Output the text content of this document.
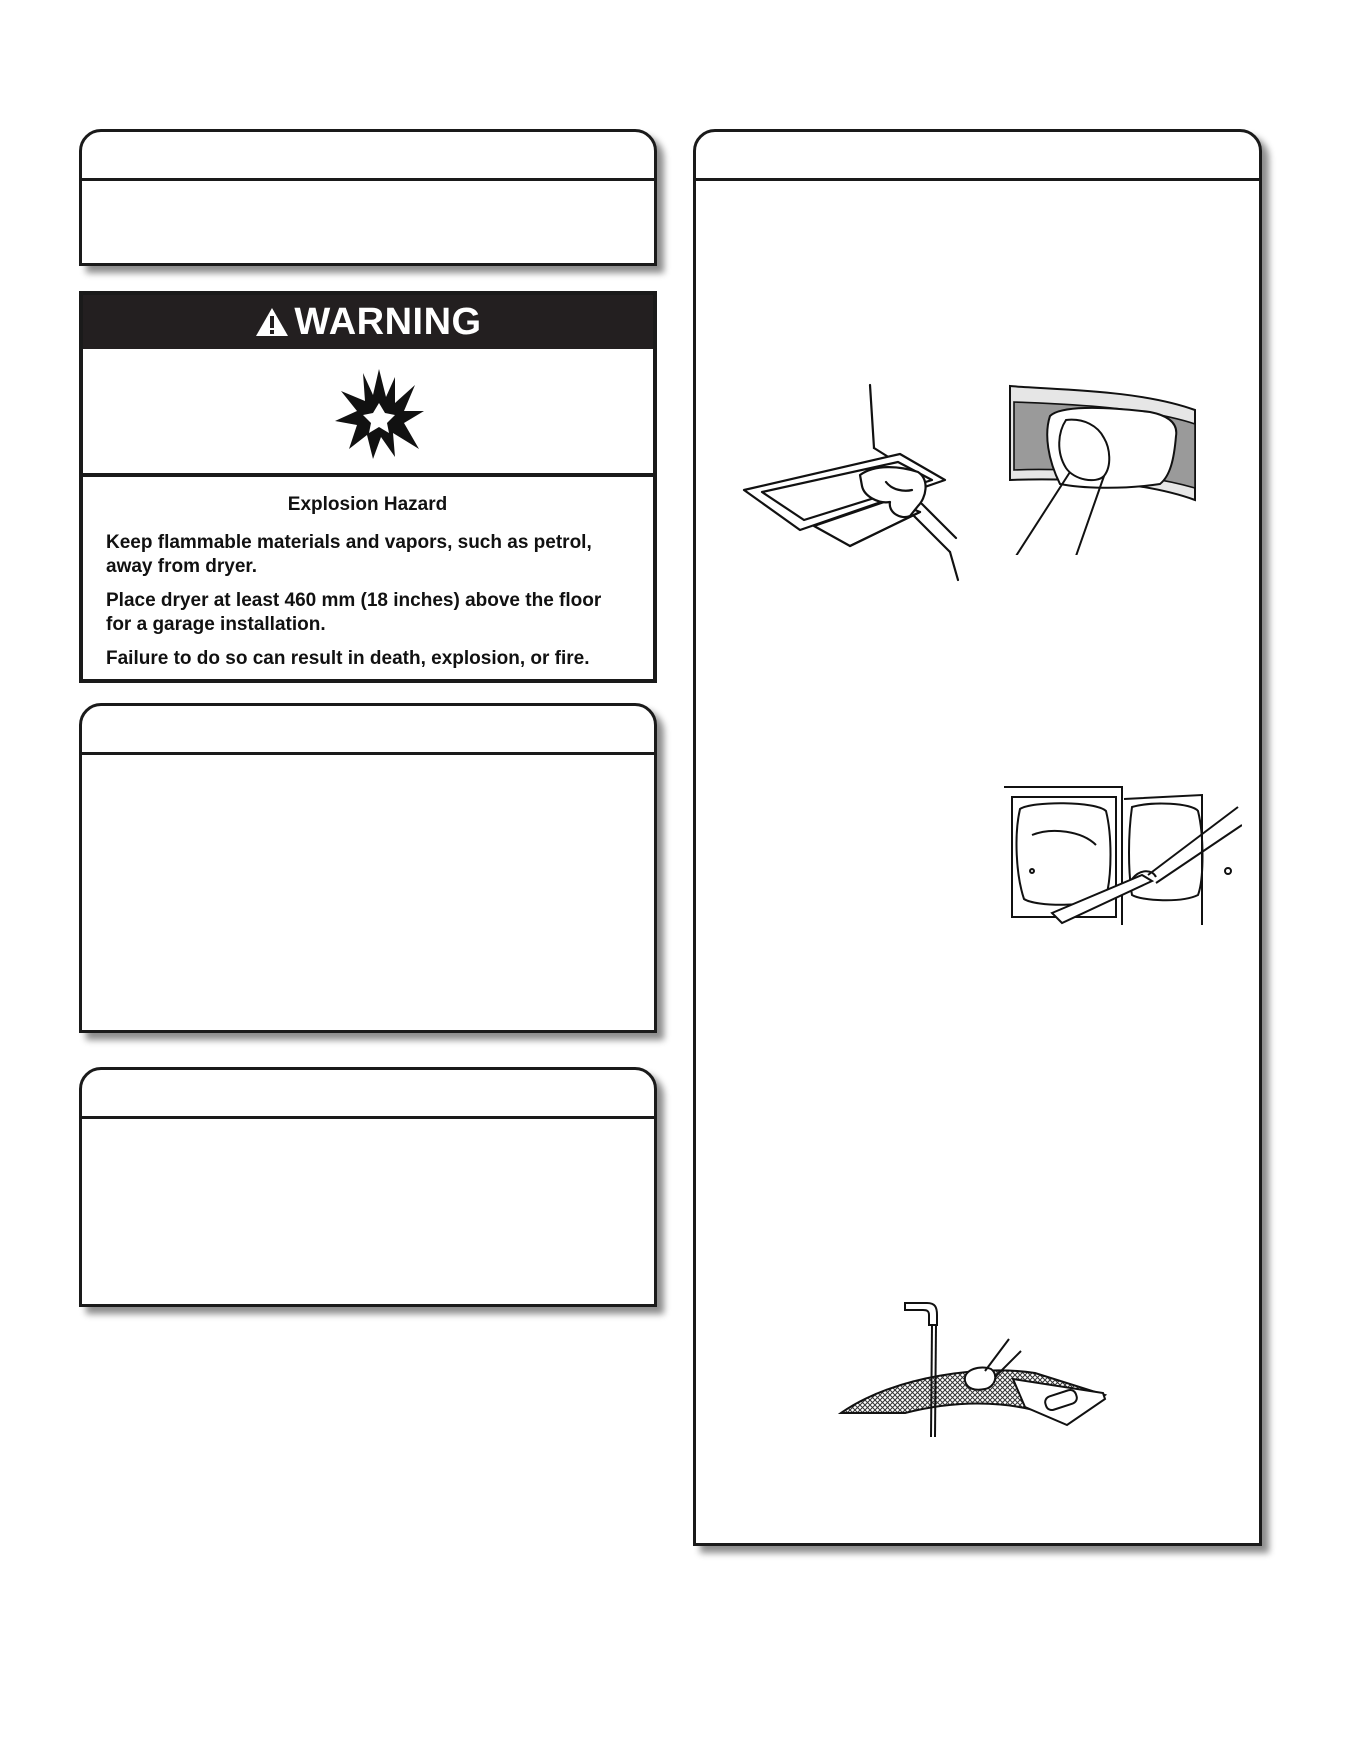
WARNING

Explosion Hazard

Keep flammable materials and vapors, such as petrol, away from dryer.

Place dryer at least 460 mm (18 inches) above the floor for a garage installation.

Failure to do so can result in death, explosion, or fire.
